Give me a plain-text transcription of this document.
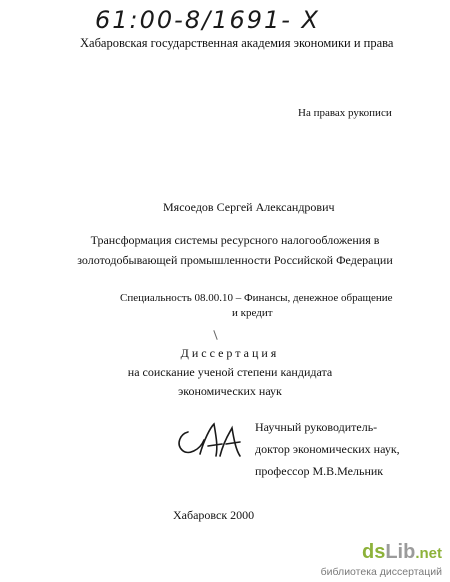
61:00-8/1691- X
Хабаровская государственная академия экономики и права
На правах рукописи
Мясоедов Сергей Александрович
Трансформация системы ресурсного налогообложения в
золотодобывающей промышленности Российской Федерации
Специальность 08.00.10 – Финансы, денежное обращение
и кредит
Диссертация
на соискание ученой степени кандидата
экономических наук
Научный руководитель-
доктор экономических наук,
профессор М.В.Мельник
Хабаровск 2000
dsLib.net
библиотека диссертаций
